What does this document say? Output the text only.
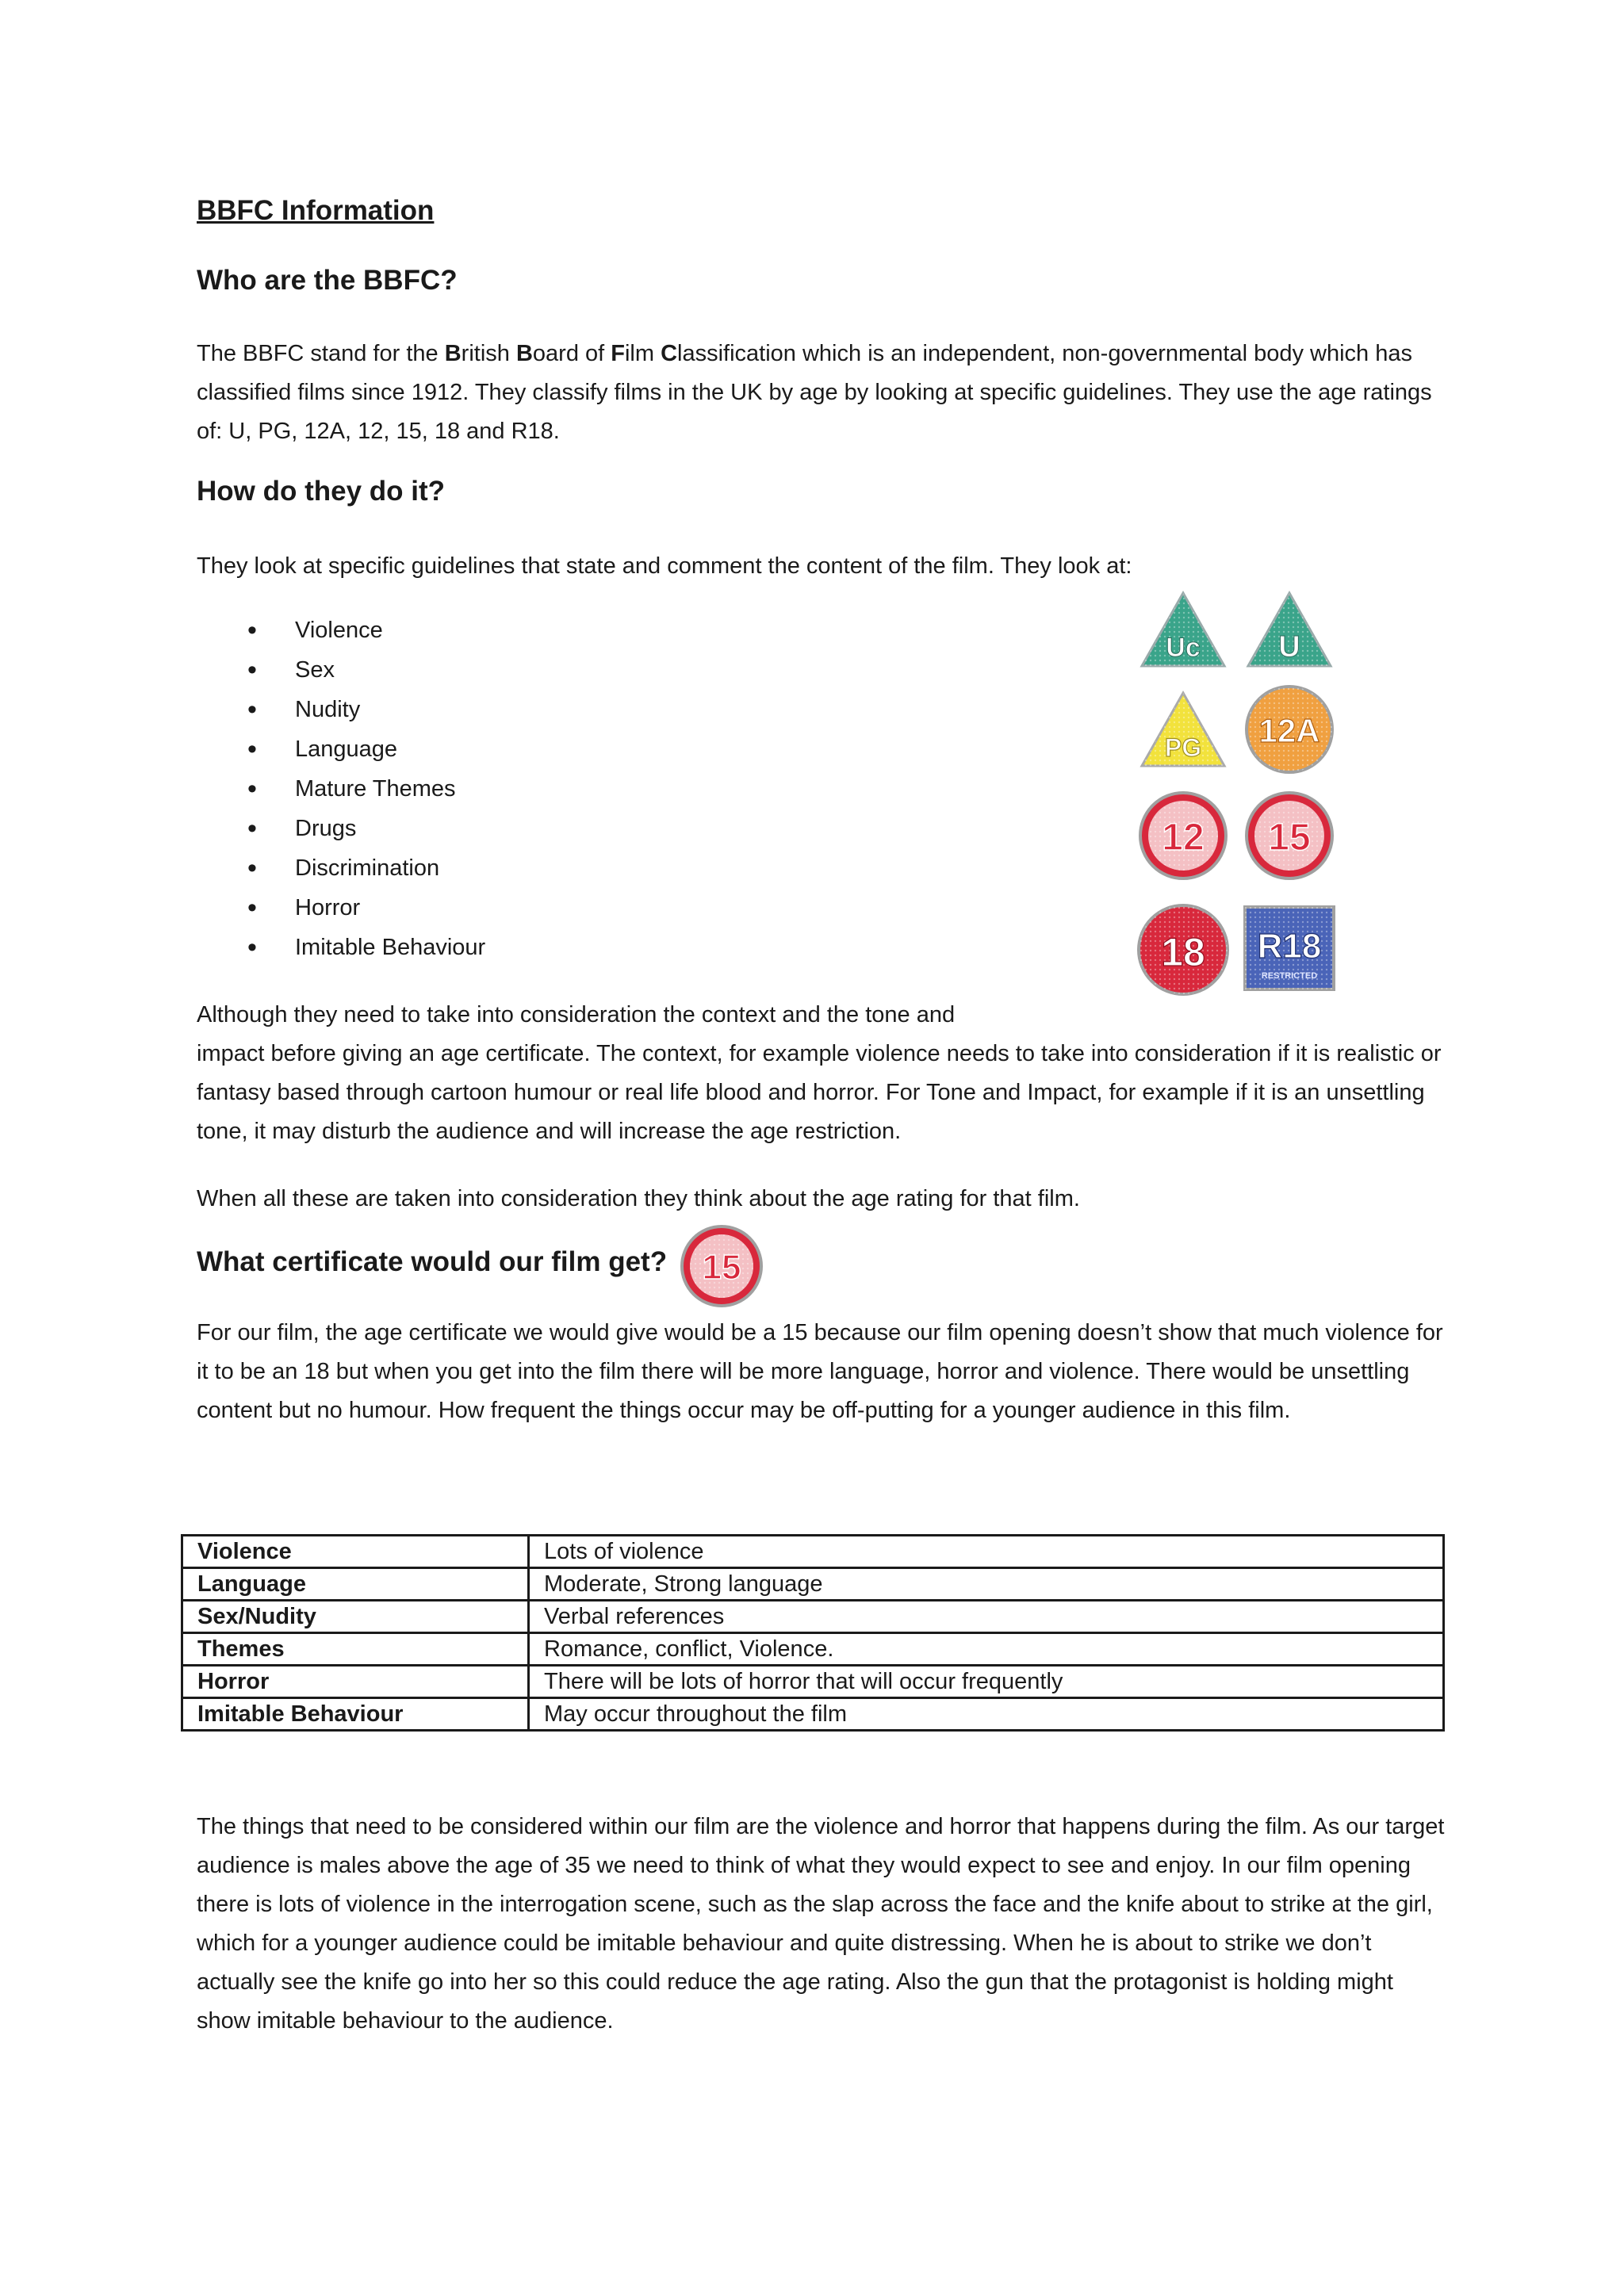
BBFC Information
Who are the BBFC?
The BBFC stand for the British Board of Film Classification which is an independent, non-governmental body which has classified films since 1912. They classify films in the UK by age by looking at specific guidelines. They use the age ratings of: U, PG, 12A, 12, 15, 18 and R18.
How do they do it?
They look at specific guidelines that state and comment the content of the film. They look at:
• Violence
• Sex
• Nudity
• Language
• Mature Themes
• Drugs
• Discrimination
• Horror
• Imitable Behaviour
Uc	U
PG 12A
12 15
18 R18
RESTRICTED
Although they need to take into consideration the context and the tone and
impact before giving an age certificate. The context, for example violence needs to take into consideration if it is realistic or fantasy based through cartoon humour or real life blood and horror. For Tone and Impact, for example if it is an unsettling tone, it may disturb the audience and will increase the age restriction.
When all these are taken into consideration they think about the age rating for that film.
What certificate would our film get? 15
For our film, the age certificate we would give would be a 15 because our film opening doesn’t show that much violence for it to be an 18 but when you get into the film there will be more language, horror and violence. There would be unsettling content but no humour. How frequent the things occur may be off-putting for a younger audience in this film.
Violence	Lots of violence
Language	Moderate, Strong language
Sex/Nudity	Verbal references
Themes	Romance, conflict, Violence.
Horror	There will be lots of horror that will occur frequently
Imitable Behaviour	May occur throughout the film
The things that need to be considered within our film are the violence and horror that happens during the film. As our target audience is males above the age of 35 we need to think of what they would expect to see and enjoy. In our film opening there is lots of violence in the interrogation scene, such as the slap across the face and the knife about to strike at the girl, which for a younger audience could be imitable behaviour and quite distressing. When he is about to strike we don’t actually see the knife go into her so this could reduce the age rating. Also the gun that the protagonist is holding might show imitable behaviour to the audience.
